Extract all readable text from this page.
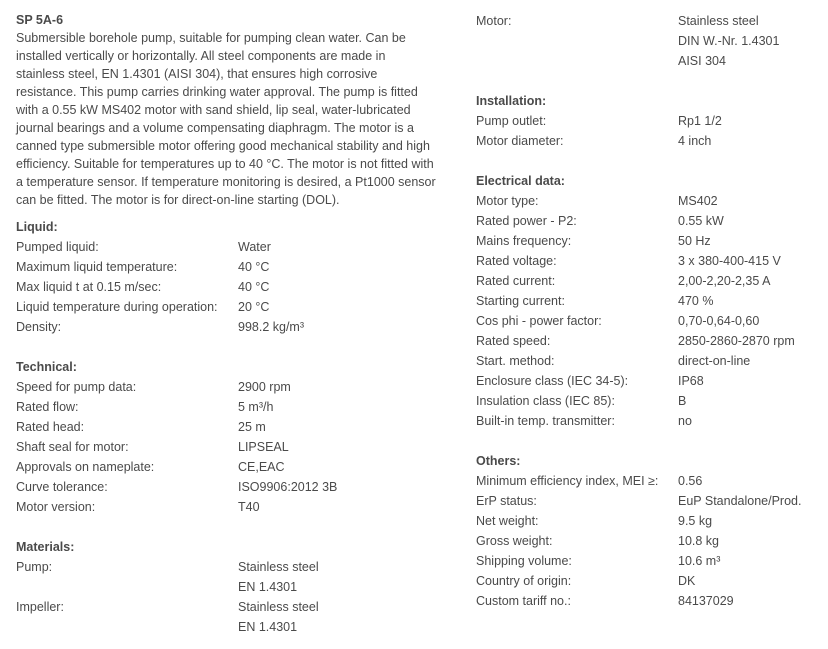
SP 5A-6
Submersible borehole pump, suitable for pumping clean water. Can be
installed vertically or horizontally. All steel components are made in
stainless steel, EN 1.4301 (AISI 304), that ensures high corrosive
resistance. This pump carries drinking water approval. The pump is fitted
with a 0.55 kW MS402 motor with sand shield, lip seal, water-lubricated
journal bearings and a volume compensating diaphragm. The motor is a
canned type submersible motor offering good mechanical stability and high
efficiency. Suitable for temperatures up to 40 °C. The motor is not fitted with
a temperature sensor. If temperature monitoring is desired, a Pt1000 sensor
can be fitted. The motor is for direct-on-line starting (DOL).
Liquid:
Pumped liquid:	Water
Maximum liquid temperature:	40 °C
Max liquid t at 0.15 m/sec:	40 °C
Liquid temperature during operation:	20 °C
Density:	998.2 kg/m³
Technical:
Speed for pump data:	2900 rpm
Rated flow:	5 m³/h
Rated head:	25 m
Shaft seal for motor:	LIPSEAL
Approvals on nameplate:	CE,EAC
Curve tolerance:	ISO9906:2012 3B
Motor version:	T40
Materials:
Pump:	Stainless steel
EN 1.4301
Impeller:	Stainless steel
EN 1.4301
Motor:	Stainless steel
DIN W.-Nr. 1.4301
AISI 304
Installation:
Pump outlet:	Rp1 1/2
Motor diameter:	4 inch
Electrical data:
Motor type:	MS402
Rated power - P2:	0.55 kW
Mains frequency:	50 Hz
Rated voltage:	3 x 380-400-415 V
Rated current:	2,00-2,20-2,35 A
Starting current:	470 %
Cos phi - power factor:	0,70-0,64-0,60
Rated speed:	2850-2860-2870 rpm
Start. method:	direct-on-line
Enclosure class (IEC 34-5):	IP68
Insulation class (IEC 85):	B
Built-in temp. transmitter:	no
Others:
Minimum efficiency index, MEI ≥:	0.56
ErP status:	EuP Standalone/Prod.
Net weight:	9.5 kg
Gross weight:	10.8 kg
Shipping volume:	10.6 m³
Country of origin:	DK
Custom tariff no.:	84137029
